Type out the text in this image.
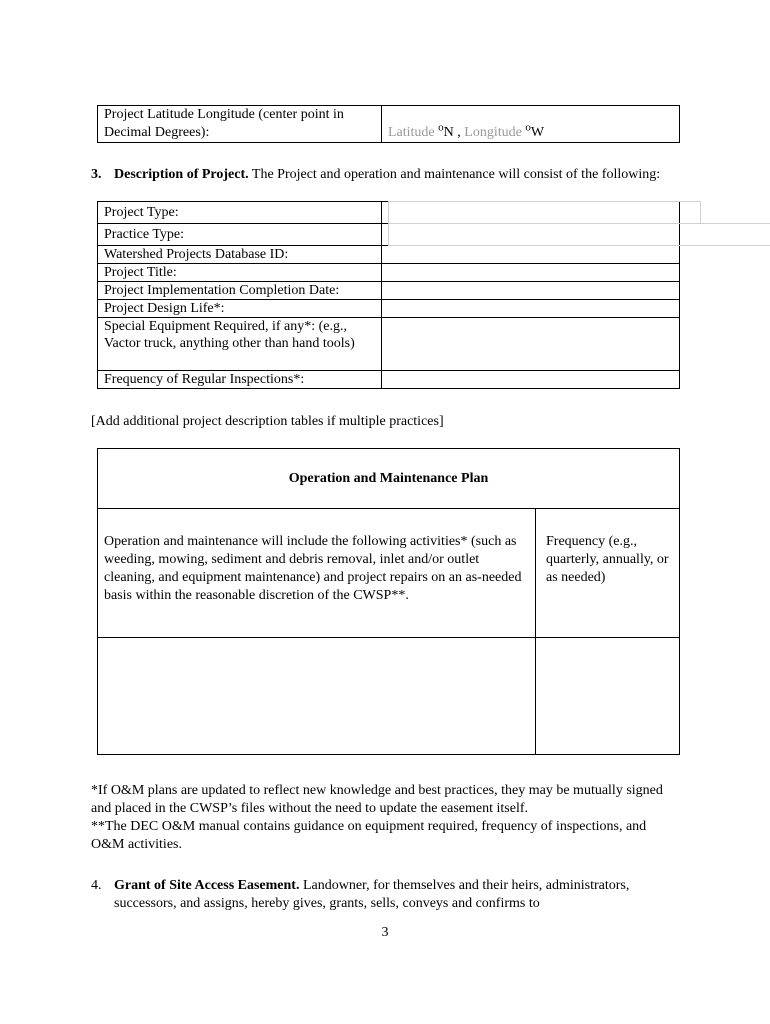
Project Latitude Longitude (center point in Decimal Degrees):	Latitude $^o$N , Longitude $^o$W
3. Description of Project. The Project and operation and maintenance will consist of the following:
Project Type:	
Practice Type:	
Watershed Projects Database ID:	
Project Title:	
Project Implementation Completion Date:	
Project Design Life*:	
Special Equipment Required, if any*: (e.g., Vactor truck, anything other than hand tools)	
Frequency of Regular Inspections*:	
[Add additional project description tables if multiple practices]
Operation and Maintenance Plan	
Operation and maintenance will include the following activities* (such as weeding, mowing, sediment and debris removal, inlet and/or outlet cleaning, and equipment maintenance) and project repairs on an as-needed basis within the reasonable discretion of the CWSP**.	Frequency (e.g., quarterly, annually, or as needed)

*If O&M plans are updated to reflect new knowledge and best practices, they may be mutually signed and placed in the CWSP’s files without the need to update the easement itself.
**The DEC O&M manual contains guidance on equipment required, frequency of inspections, and O&M activities.
4. Grant of Site Access Easement. Landowner, for themselves and their heirs, administrators, successors, and assigns, hereby gives, grants, sells, conveys and confirms to
3
